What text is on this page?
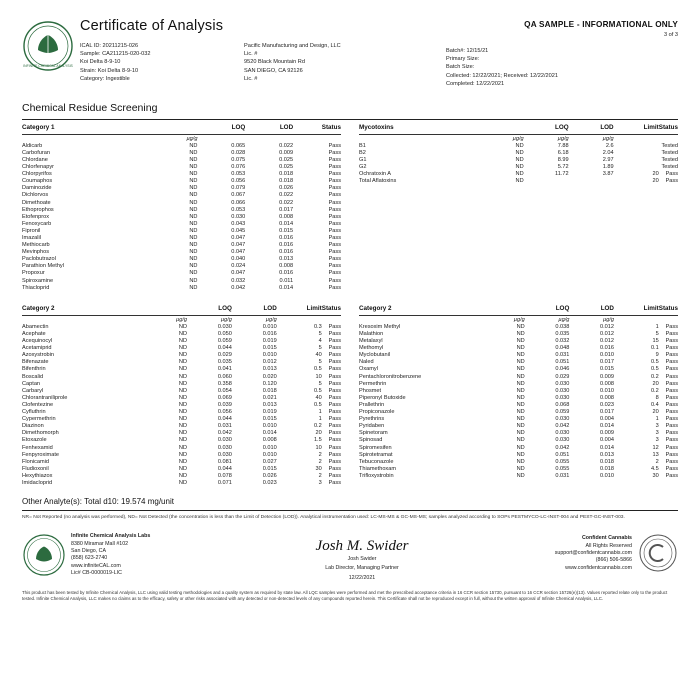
INFINITE CHEMICAL ANALYSIS
Certificate of Analysis
ICAL ID: 20211215-026
Sample: CA211215-020-032
Koi Delta 8-9-10
Strain: Koi Delta 8-9-10
Category: Ingestible
Pacific Manufacturing and Design, LLC
Lic. #
9520 Black Mountain Rd
SAN DIEGO, CA 92126
Lic. #
QA SAMPLE - INFORMATIONAL ONLY
3 of 3
Batch#: 12/15/21
Primary Size:
Batch Size:
Collected: 12/22/2021; Received: 12/22/2021
Completed: 12/22/2021
Chemical Residue Screening
Category 1		LOQ	LOD	Status

	µg/g			
Aldicarb	ND	0.065	0.022	Pass
Carbofuran	ND	0.028	0.009	Pass
Chlordane	ND	0.075	0.025	Pass
Chlorfenapyr	ND	0.076	0.025	Pass
Chlorpyrifos	ND	0.053	0.018	Pass
Coumaphos	ND	0.056	0.018	Pass
Daminozide	ND	0.079	0.026	Pass
Dichlorvos	ND	0.067	0.022	Pass
Dimethoate	ND	0.066	0.022	Pass
Ethoprophos	ND	0.053	0.017	Pass
Etofenprox	ND	0.030	0.008	Pass
Fenoxycarb	ND	0.043	0.014	Pass
Fipronil	ND	0.045	0.015	Pass
Imazalil	ND	0.047	0.016	Pass
Methiocarb	ND	0.047	0.016	Pass
Mevinphos	ND	0.047	0.016	Pass
Paclobutrazol	ND	0.040	0.013	Pass
Parathion Methyl	ND	0.024	0.008	Pass
Propoxur	ND	0.047	0.016	Pass
Spiroxamine	ND	0.032	0.011	Pass
Thiacloprid	ND	0.042	0.014	Pass
Mycotoxins		LOQ	LOD	Limit	Status

	µg/g	µg/g	µg/g		
B1	ND	7.88	2.6		Tested
B2	ND	6.18	2.04		Tested
G1	ND	8.99	2.97		Tested
G2	ND	5.72	1.89		Tested
Ochratoxin A	ND	11.72	3.87	20	Pass
Total Aflatoxins	ND			20	Pass
Category 2		LOQ	LOD	Limit	Status

	µg/g	µg/g	µg/g		
Abamectin	ND	0.030	0.010	0.3	Pass
Acephate	ND	0.050	0.016	5	Pass
Acequinocyl	ND	0.059	0.019	4	Pass
Acetamiprid	ND	0.044	0.015	5	Pass
Azoxystrobin	ND	0.029	0.010	40	Pass
Bifenazate	ND	0.035	0.012	5	Pass
Bifenthrin	ND	0.041	0.013	0.5	Pass
Boscalid	ND	0.060	0.020	10	Pass
Captan	ND	0.358	0.120	5	Pass
Carbaryl	ND	0.054	0.018	0.5	Pass
Chlorantraniliprole	ND	0.069	0.021	40	Pass
Clofentezine	ND	0.039	0.013	0.5	Pass
Cyfluthrin	ND	0.056	0.019	1	Pass
Cypermethrin	ND	0.044	0.015	1	Pass
Diazinon	ND	0.031	0.010	0.2	Pass
Dimethomorph	ND	0.042	0.014	20	Pass
Etoxazole	ND	0.030	0.008	1.5	Pass
Fenhexamid	ND	0.030	0.010	10	Pass
Fenpyroximate	ND	0.030	0.010	2	Pass
Flonicamid	ND	0.081	0.027	2	Pass
Fludioxonil	ND	0.044	0.015	30	Pass
Hexythiazox	ND	0.078	0.026	2	Pass
Imidacloprid	ND	0.071	0.023	3	Pass
Category 2		LOQ	LOD	Limit	Status

	µg/g	µg/g	µg/g		
Kresoxim Methyl	ND	0.038	0.012	1	Pass
Malathion	ND	0.035	0.012	5	Pass
Metalaxyl	ND	0.032	0.012	15	Pass
Methomyl	ND	0.048	0.016	0.1	Pass
Myclobutanil	ND	0.031	0.010	9	Pass
Naled	ND	0.051	0.017	0.5	Pass
Oxamyl	ND	0.046	0.015	0.5	Pass
Pentachloronitrobenzene	ND	0.029	0.009	0.2	Pass
Permethrin	ND	0.030	0.008	20	Pass
Phosmet	ND	0.030	0.010	0.2	Pass
Piperonyl Butoxide	ND	0.030	0.008	8	Pass
Prallethrin	ND	0.068	0.023	0.4	Pass
Propiconazole	ND	0.059	0.017	20	Pass
Pyrethrins	ND	0.030	0.004	1	Pass
Pyridaben	ND	0.042	0.014	3	Pass
Spinetoram	ND	0.030	0.009	3	Pass
Spinosad	ND	0.030	0.004	3	Pass
Spiromesifen	ND	0.042	0.014	12	Pass
Spirotetramat	ND	0.051	0.013	13	Pass
Tebuconazole	ND	0.055	0.018	2	Pass
Thiamethoxam	ND	0.055	0.018	4.5	Pass
Trifloxystrobin	ND	0.031	0.010	30	Pass
Other Analyte(s): Total d10: 19.574 mg/unit
NR= Not Reported (no analysis was performed), ND= Not Detected (the concentration is less than the Limit of Detection (LOD)). Analytical instrumentation used: LC-MS-MS & GC-MS-MS; samples analyzed according to SOPs PESTMYCO-LC-INST-004 and PEST-GC-INST-003.
Infinite Chemical Analysis Labs
8380 Miramar Mall #102
San Diego, CA
(858) 623-2740
www.infiniteCAL.com
Lic# CB-0000019-LIC
Josh M. Swider
Josh Swider
Lab Director, Managing Partner
12/22/2021
Confident Cannabis
All Rights Reserved
support@confidentcannabis.com
(866) 506-5866
www.confidentcannabis.com
This product has been tested by Infinite Chemical Analysis, LLC using valid testing methodologies and a quality system as required by state law. All LQC samples were performed and met the prescribed acceptance criteria in 16 CCR section 15730, pursuant to 16 CCR section 15726(e)(13). Values reported relate only to the product tested. Infinite Chemical Analysis, LLC makes no claims as to the efficacy, safety or other risks associated with any detected or non-detected levels of any compounds reported herein. This Certificate shall not be reproduced except in full, without the written approval of Infinite Chemical Analysis, LLC.
